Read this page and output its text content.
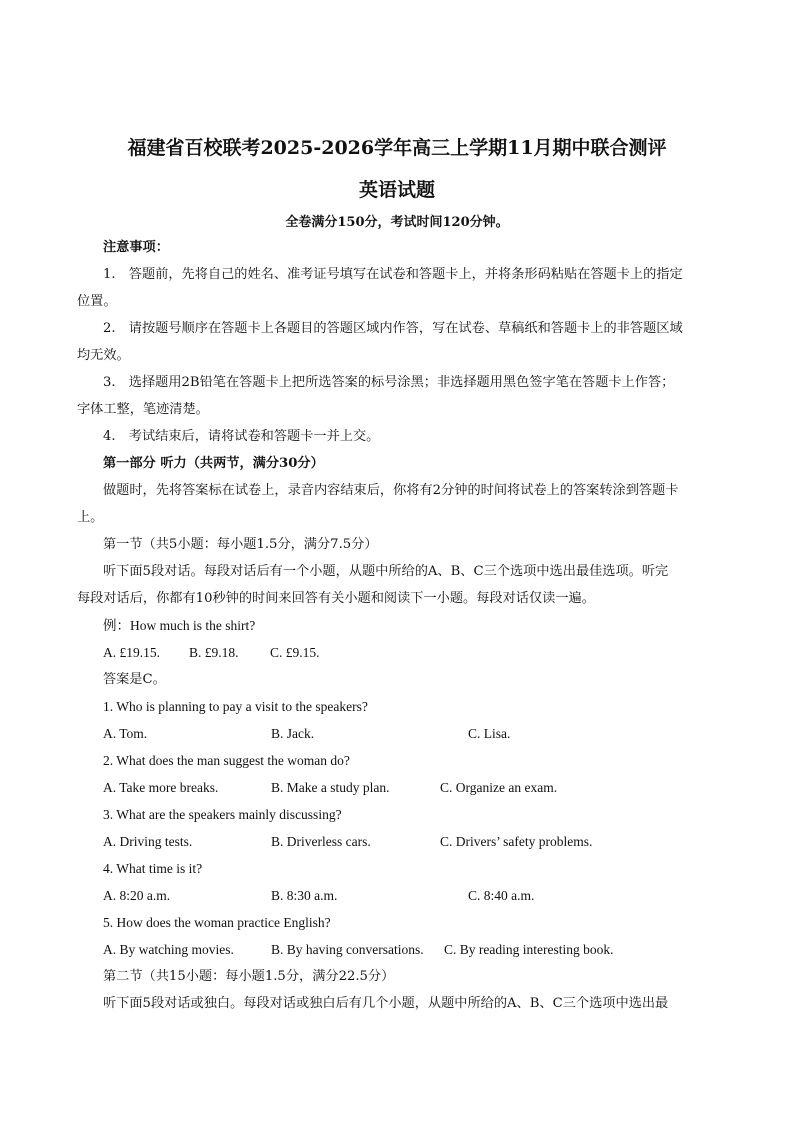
福建省百校联考2025-2026学年高三上学期11月期中联合测评
英语试题
全卷满分150分，考试时间120分钟。
注意事项：
1.　答题前，先将自己的姓名、准考证号填写在试卷和答题卡上，并将条形码粘贴在答题卡上的指定
位置。
2.　请按题号顺序在答题卡上各题目的答题区域内作答，写在试卷、草稿纸和答题卡上的非答题区域
均无效。
3.　选择题用2B铅笔在答题卡上把所选答案的标号涂黑；非选择题用黑色签字笔在答题卡上作答；
字体工整，笔迹清楚。
4.　考试结束后，请将试卷和答题卡一并上交。
第一部分 听力（共两节，满分30分）
做题时，先将答案标在试卷上，录音内容结束后，你将有2分钟的时间将试卷上的答案转涂到答题卡
上。
第一节（共5小题：每小题1.5分，满分7.5分）
听下面5段对话。每段对话后有一个小题，从题中所给的A、B、C三个选项中选出最佳选项。听完
每段对话后，你都有10秒钟的时间来回答有关小题和阅读下一小题。每段对话仅读一遍。
例：How much is the shirt?
A. £19.15. B. £9.18. C. £9.15.
答案是C。
1. Who is planning to pay a visit to the speakers?
A. Tom.	B. Jack.	C. Lisa.
2. What does the man suggest the woman do?
A. Take more breaks.	B. Make a study plan.	C. Organize an exam.
3. What are the speakers mainly discussing?
A. Driving tests.	B. Driverless cars.	C. Drivers’ safety problems.
4. What time is it?
A. 8:20 a.m.	B. 8:30 a.m.	C. 8:40 a.m.
5. How does the woman practice English?
A. By watching movies.	B. By having conversations. C. By reading interesting book.
第二节（共15小题：每小题1.5分，满分22.5分）
听下面5段对话或独白。每段对话或独白后有几个小题，从题中所给的A、B、C三个选项中选出最
